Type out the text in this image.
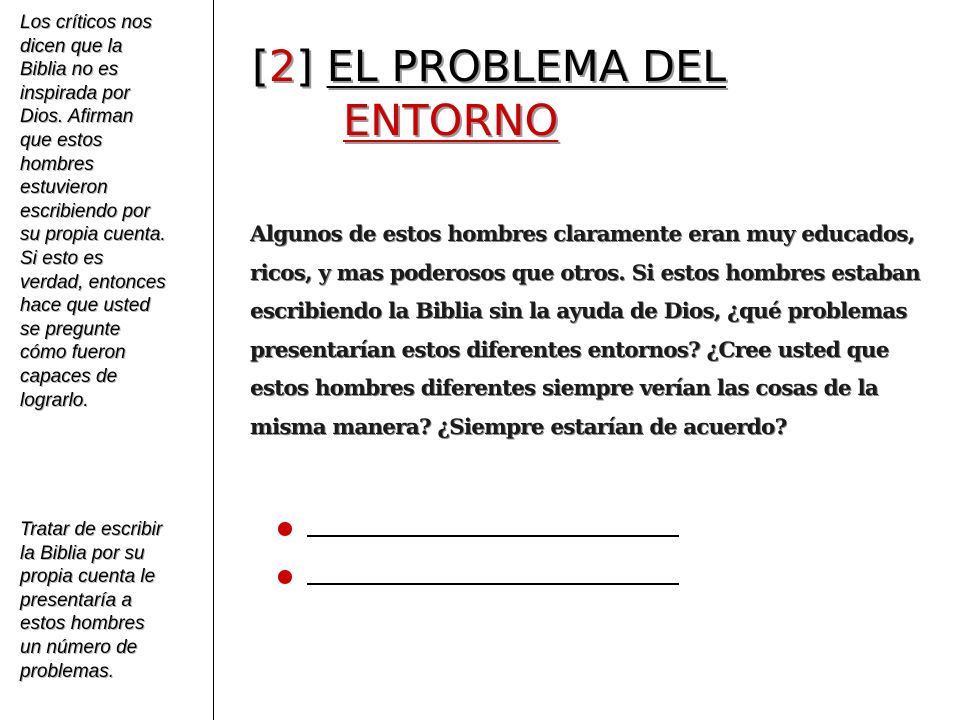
Los críticos nos
dicen que la
Biblia no es
inspirada por
Dios. Afirman
que estos
hombres
estuvieron
escribiendo por
su propia cuenta.
Si esto es
verdad, entonces
hace que usted
se pregunte
cómo fueron
capaces de
lograrlo.

Tratar de escribir
la Biblia por su
propia cuenta le
presentaría a
estos hombres
un número de
problemas.

[2] EL PROBLEMA DEL
ENTORNO

Algunos de estos hombres claramente eran muy educados, ricos, y mas poderosos que otros. Si estos hombres estaban escribiendo la Biblia sin la ayuda de Dios, ¿qué problemas presentarían estos diferentes entornos? ¿Cree usted que estos hombres diferentes siempre verían las cosas de la misma manera? ¿Siempre estarían de acuerdo?
